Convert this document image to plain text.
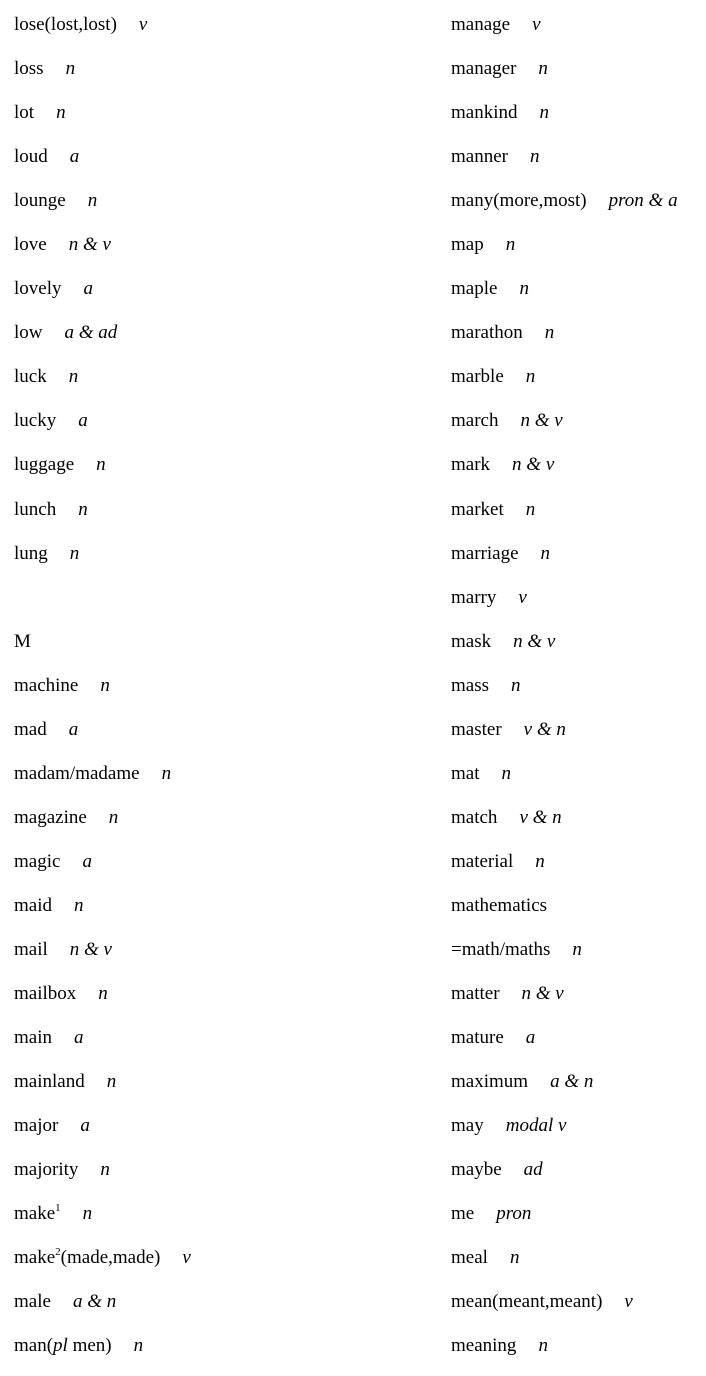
lose(lost,lost) v
loss n
lot n
loud a
lounge n
love n & v
lovely a
low a & ad
luck n
lucky a
luggage n
lunch n
lung n
M
machine n
mad a
madam/madame n
magazine n
magic a
maid n
mail n & v
mailbox n
main a
mainland n
major a
majority n
make$^1$ n
make$^2$(made,made) v
male a & n
man(pl men) n
manage v
manager n
mankind n
manner n
many(more,most) pron & a
map n
maple n
marathon n
marble n
march n & v
mark n & v
market n
marriage n
marry v
mask n & v
mass n
master v & n
mat n
match v & n
material n
mathematics
=math/maths n
matter n & v
mature a
maximum a & n
may modal v
maybe ad
me pron
meal n
mean(meant,meant) v
meaning n
